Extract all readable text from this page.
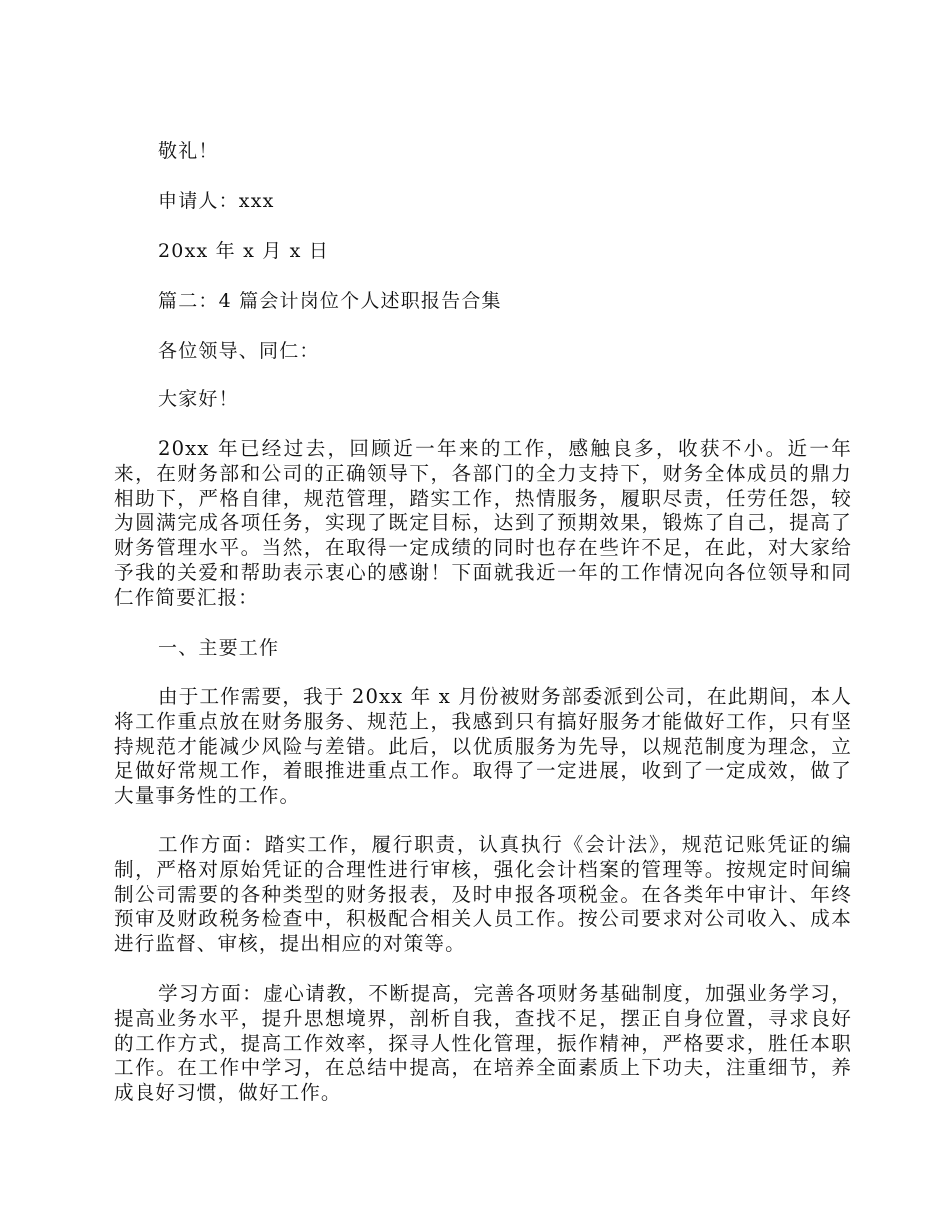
敬礼！
申请人：xxx
20xx 年 x 月 x 日
篇二：4 篇会计岗位个人述职报告合集
各位领导、同仁：
大家好！
20xx 年已经过去，回顾近一年来的工作，感触良多，收获不小。近一年来，在财务部和公司的正确领导下，各部门的全力支持下，财务全体成员的鼎力相助下，严格自律，规范管理，踏实工作，热情服务，履职尽责，任劳任怨，较为圆满完成各项任务，实现了既定目标，达到了预期效果，锻炼了自己，提高了财务管理水平。当然，在取得一定成绩的同时也存在些许不足，在此，对大家给予我的关爱和帮助表示衷心的感谢！下面就我近一年的工作情况向各位领导和同仁作简要汇报：
一、主要工作
由于工作需要，我于 20xx 年 x 月份被财务部委派到公司，在此期间，本人将工作重点放在财务服务、规范上，我感到只有搞好服务才能做好工作，只有坚持规范才能减少风险与差错。此后，以优质服务为先导，以规范制度为理念，立足做好常规工作，着眼推进重点工作。取得了一定进展，收到了一定成效，做了大量事务性的工作。
工作方面：踏实工作，履行职责，认真执行《会计法》，规范记账凭证的编制，严格对原始凭证的合理性进行审核，强化会计档案的管理等。按规定时间编制公司需要的各种类型的财务报表，及时申报各项税金。在各类年中审计、年终预审及财政税务检查中，积极配合相关人员工作。按公司要求对公司收入、成本进行监督、审核，提出相应的对策等。
学习方面：虚心请教，不断提高，完善各项财务基础制度，加强业务学习，提高业务水平，提升思想境界，剖析自我，查找不足，摆正自身位置，寻求良好的工作方式，提高工作效率，探寻人性化管理，振作精神，严格要求，胜任本职工作。在工作中学习，在总结中提高，在培养全面素质上下功夫，注重细节，养成良好习惯，做好工作。
